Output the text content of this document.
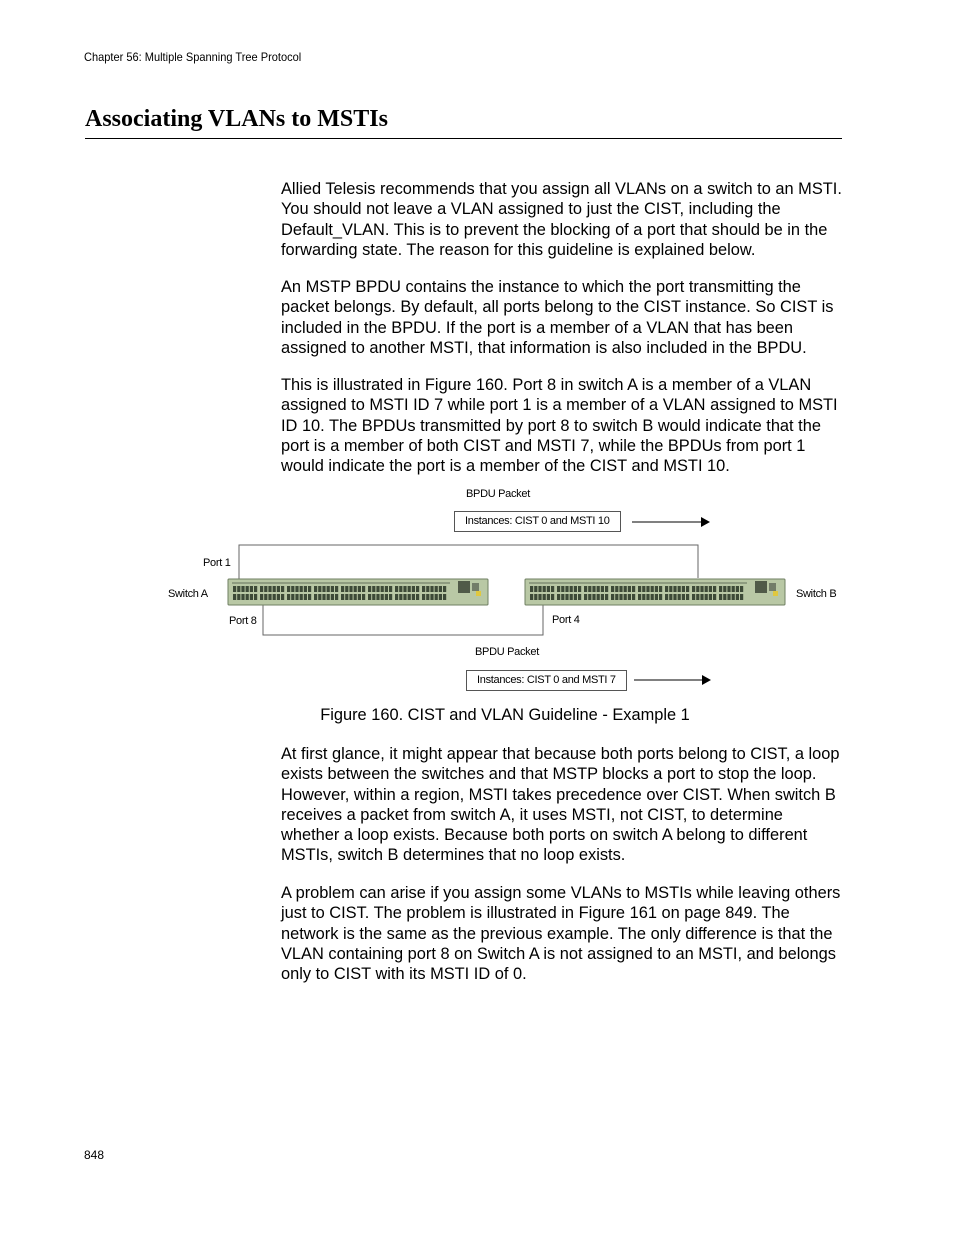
Chapter 56: Multiple Spanning Tree Protocol
Associating VLANs to MSTIs

Allied Telesis recommends that you assign all VLANs on a switch to an MSTI. You should not leave a VLAN assigned to just the CIST, including the Default_VLAN. This is to prevent the blocking of a port that should be in the forwarding state. The reason for this guideline is explained below.

An MSTP BPDU contains the instance to which the port transmitting the packet belongs. By default, all ports belong to the CIST instance. So CIST is included in the BPDU. If the port is a member of a VLAN that has been assigned to another MSTI, that information is also included in the BPDU.

This is illustrated in Figure 160. Port 8 in switch A is a member of a VLAN assigned to MSTI ID 7 while port 1 is a member of a VLAN assigned to MSTI ID 10. The BPDUs transmitted by port 8 to switch B would indicate that the port is a member of both CIST and MSTI 7, while the BPDUs from port 1 would indicate the port is a member of the CIST and MSTI 10.

BPDU Packet
Instances: CIST 0 and MSTI 10
Port 1
Switch A	Switch B
Port 8	Port 4
BPDU Packet
Instances: CIST 0 and MSTI 7

Figure 160. CIST and VLAN Guideline - Example 1

At first glance, it might appear that because both ports belong to CIST, a loop exists between the switches and that MSTP blocks a port to stop the loop. However, within a region, MSTI takes precedence over CIST. When switch B receives a packet from switch A, it uses MSTI, not CIST, to determine whether a loop exists. Because both ports on switch A belong to different MSTIs, switch B determines that no loop exists.

A problem can arise if you assign some VLANs to MSTIs while leaving others just to CIST. The problem is illustrated in Figure 161 on page 849. The network is the same as the previous example. The only difference is that the VLAN containing port 8 on Switch A is not assigned to an MSTI, and belongs only to CIST with its MSTI ID of 0.

848
